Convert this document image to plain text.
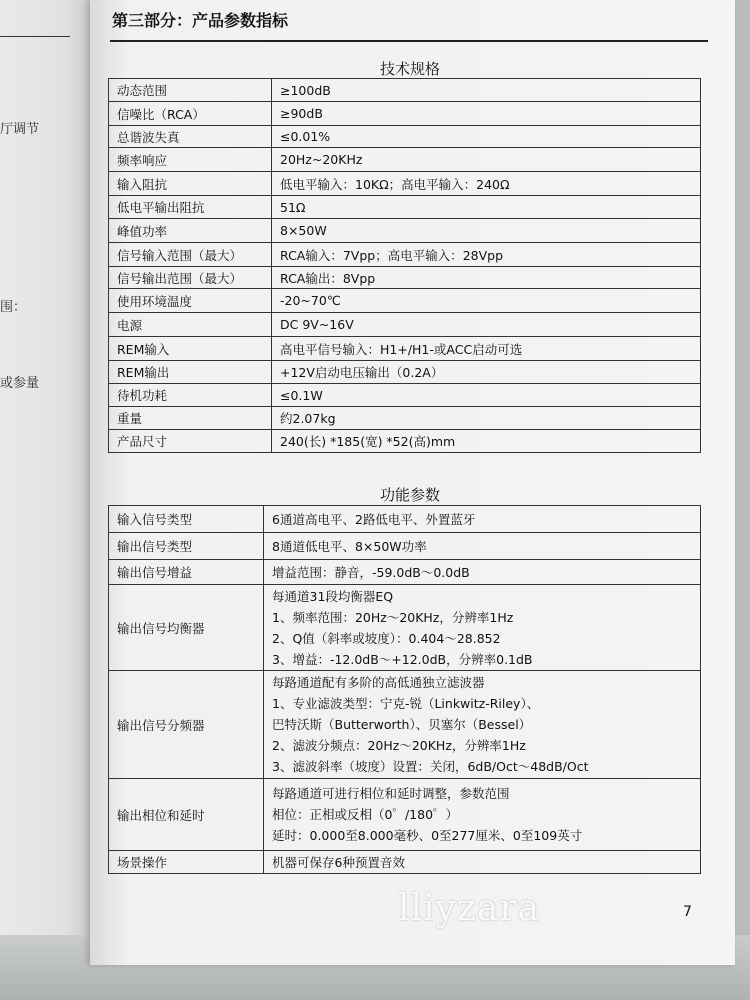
厅调节
围：
或参量
第三部分：产品参数指标
技术规格
动态范围	≥100dB
信噪比（RCA）	≥90dB
总谐波失真	≤0.01%
频率响应	20Hz~20KHz
输入阻抗	低电平输入：10KΩ；高电平输入：240Ω
低电平输出阻抗	51Ω
峰值功率	8×50W
信号输入范围（最大）	RCA输入：7Vpp；高电平输入：28Vpp
信号输出范围（最大）	RCA输出：8Vpp
使用环境温度	-20~70℃
电源	DC 9V~16V
REM输入	高电平信号输入：H1+/H1-或ACC启动可选
REM输出	+12V启动电压输出（0.2A）
待机功耗	≤0.1W
重量	约2.07kg
产品尺寸	240(长) *185(宽) *52(高)mm
功能参数
输入信号类型	6通道高电平、2路低电平、外置蓝牙

输出信号类型	8通道低电平、8×50W功率

输出信号增益	增益范围：静音，-59.0dB～0.0dB

输出信号均衡器	每通道31段均衡器EQ
1、频率范围：20Hz～20KHz，分辨率1Hz
2、Q值（斜率或坡度）：0.404～28.852
3、增益：-12.0dB～+12.0dB，分辨率0.1dB

输出信号分频器	每路通道配有多阶的高低通独立滤波器
1、专业滤波类型：宁克-锐（Linkwitz-Riley）、
巴特沃斯（Butterworth）、贝塞尔（Bessel）
2、滤波分频点：20Hz～20KHz，分辨率1Hz
3、滤波斜率（坡度）设置：关闭，6dB/Oct～48dB/Oct

输出相位和延时	每路通道可进行相位和延时调整，参数范围
相位：正相或反相（0゜/180゜）
延时：0.000至8.000毫秒、0至277厘米、0至109英寸

场景操作	机器可保存6种预置音效
lliyzara	7
